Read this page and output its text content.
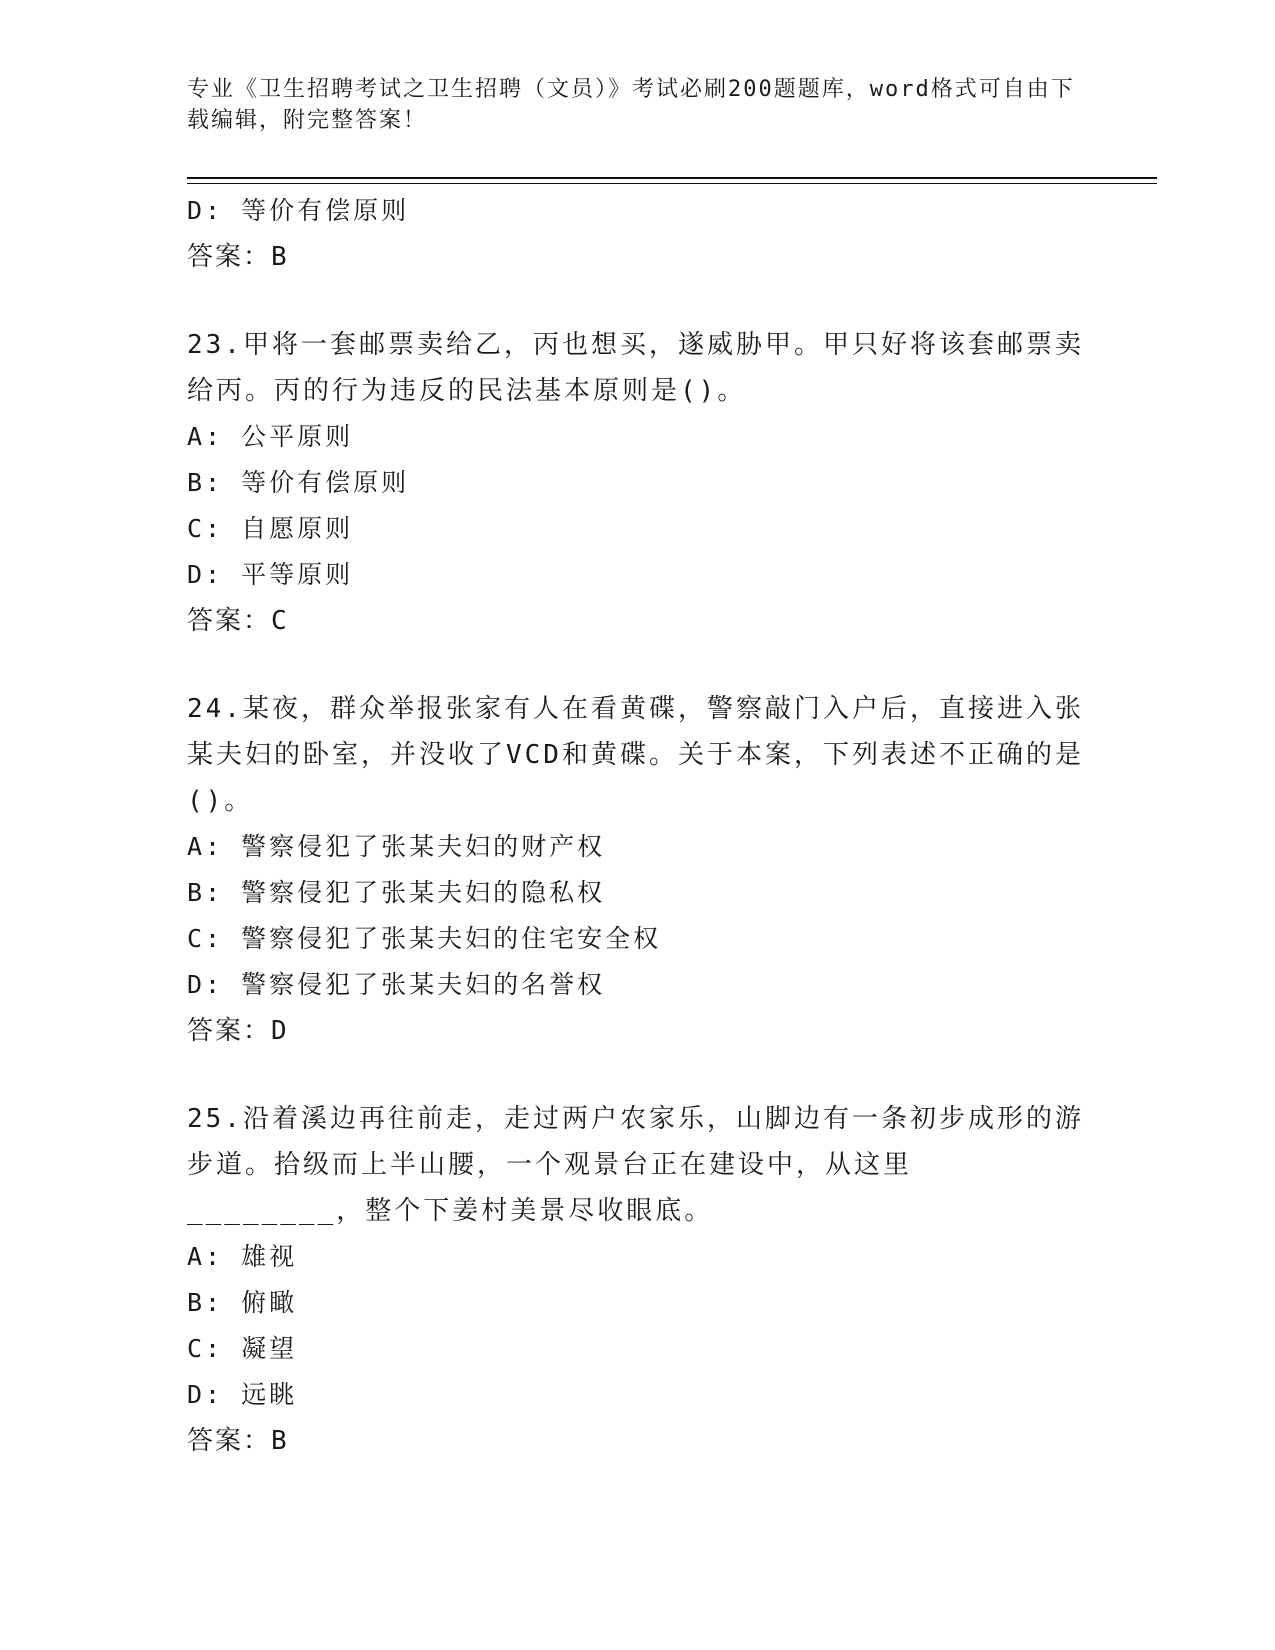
专业《卫生招聘考试之卫生招聘（文员）》考试必刷200题题库，word格式可自由下载编辑，附完整答案！
D: 等价有偿原则
答案：B
23.甲将一套邮票卖给乙，丙也想买，遂威胁甲。甲只好将该套邮票卖给丙。丙的行为违反的民法基本原则是()。
A: 公平原则
B: 等价有偿原则
C: 自愿原则
D: 平等原则
答案：C
24.某夜，群众举报张家有人在看黄碟，警察敲门入户后，直接进入张某夫妇的卧室，并没收了VCD和黄碟。关于本案，下列表述不正确的是()。
A: 警察侵犯了张某夫妇的财产权
B: 警察侵犯了张某夫妇的隐私权
C: 警察侵犯了张某夫妇的住宅安全权
D: 警察侵犯了张某夫妇的名誉权
答案：D
25.沿着溪边再往前走，走过两户农家乐，山脚边有一条初步成形的游步道。拾级而上半山腰，一个观景台正在建设中，从这里________，整个下姜村美景尽收眼底。
A: 雄视
B: 俯瞰
C: 凝望
D: 远眺
答案：B
